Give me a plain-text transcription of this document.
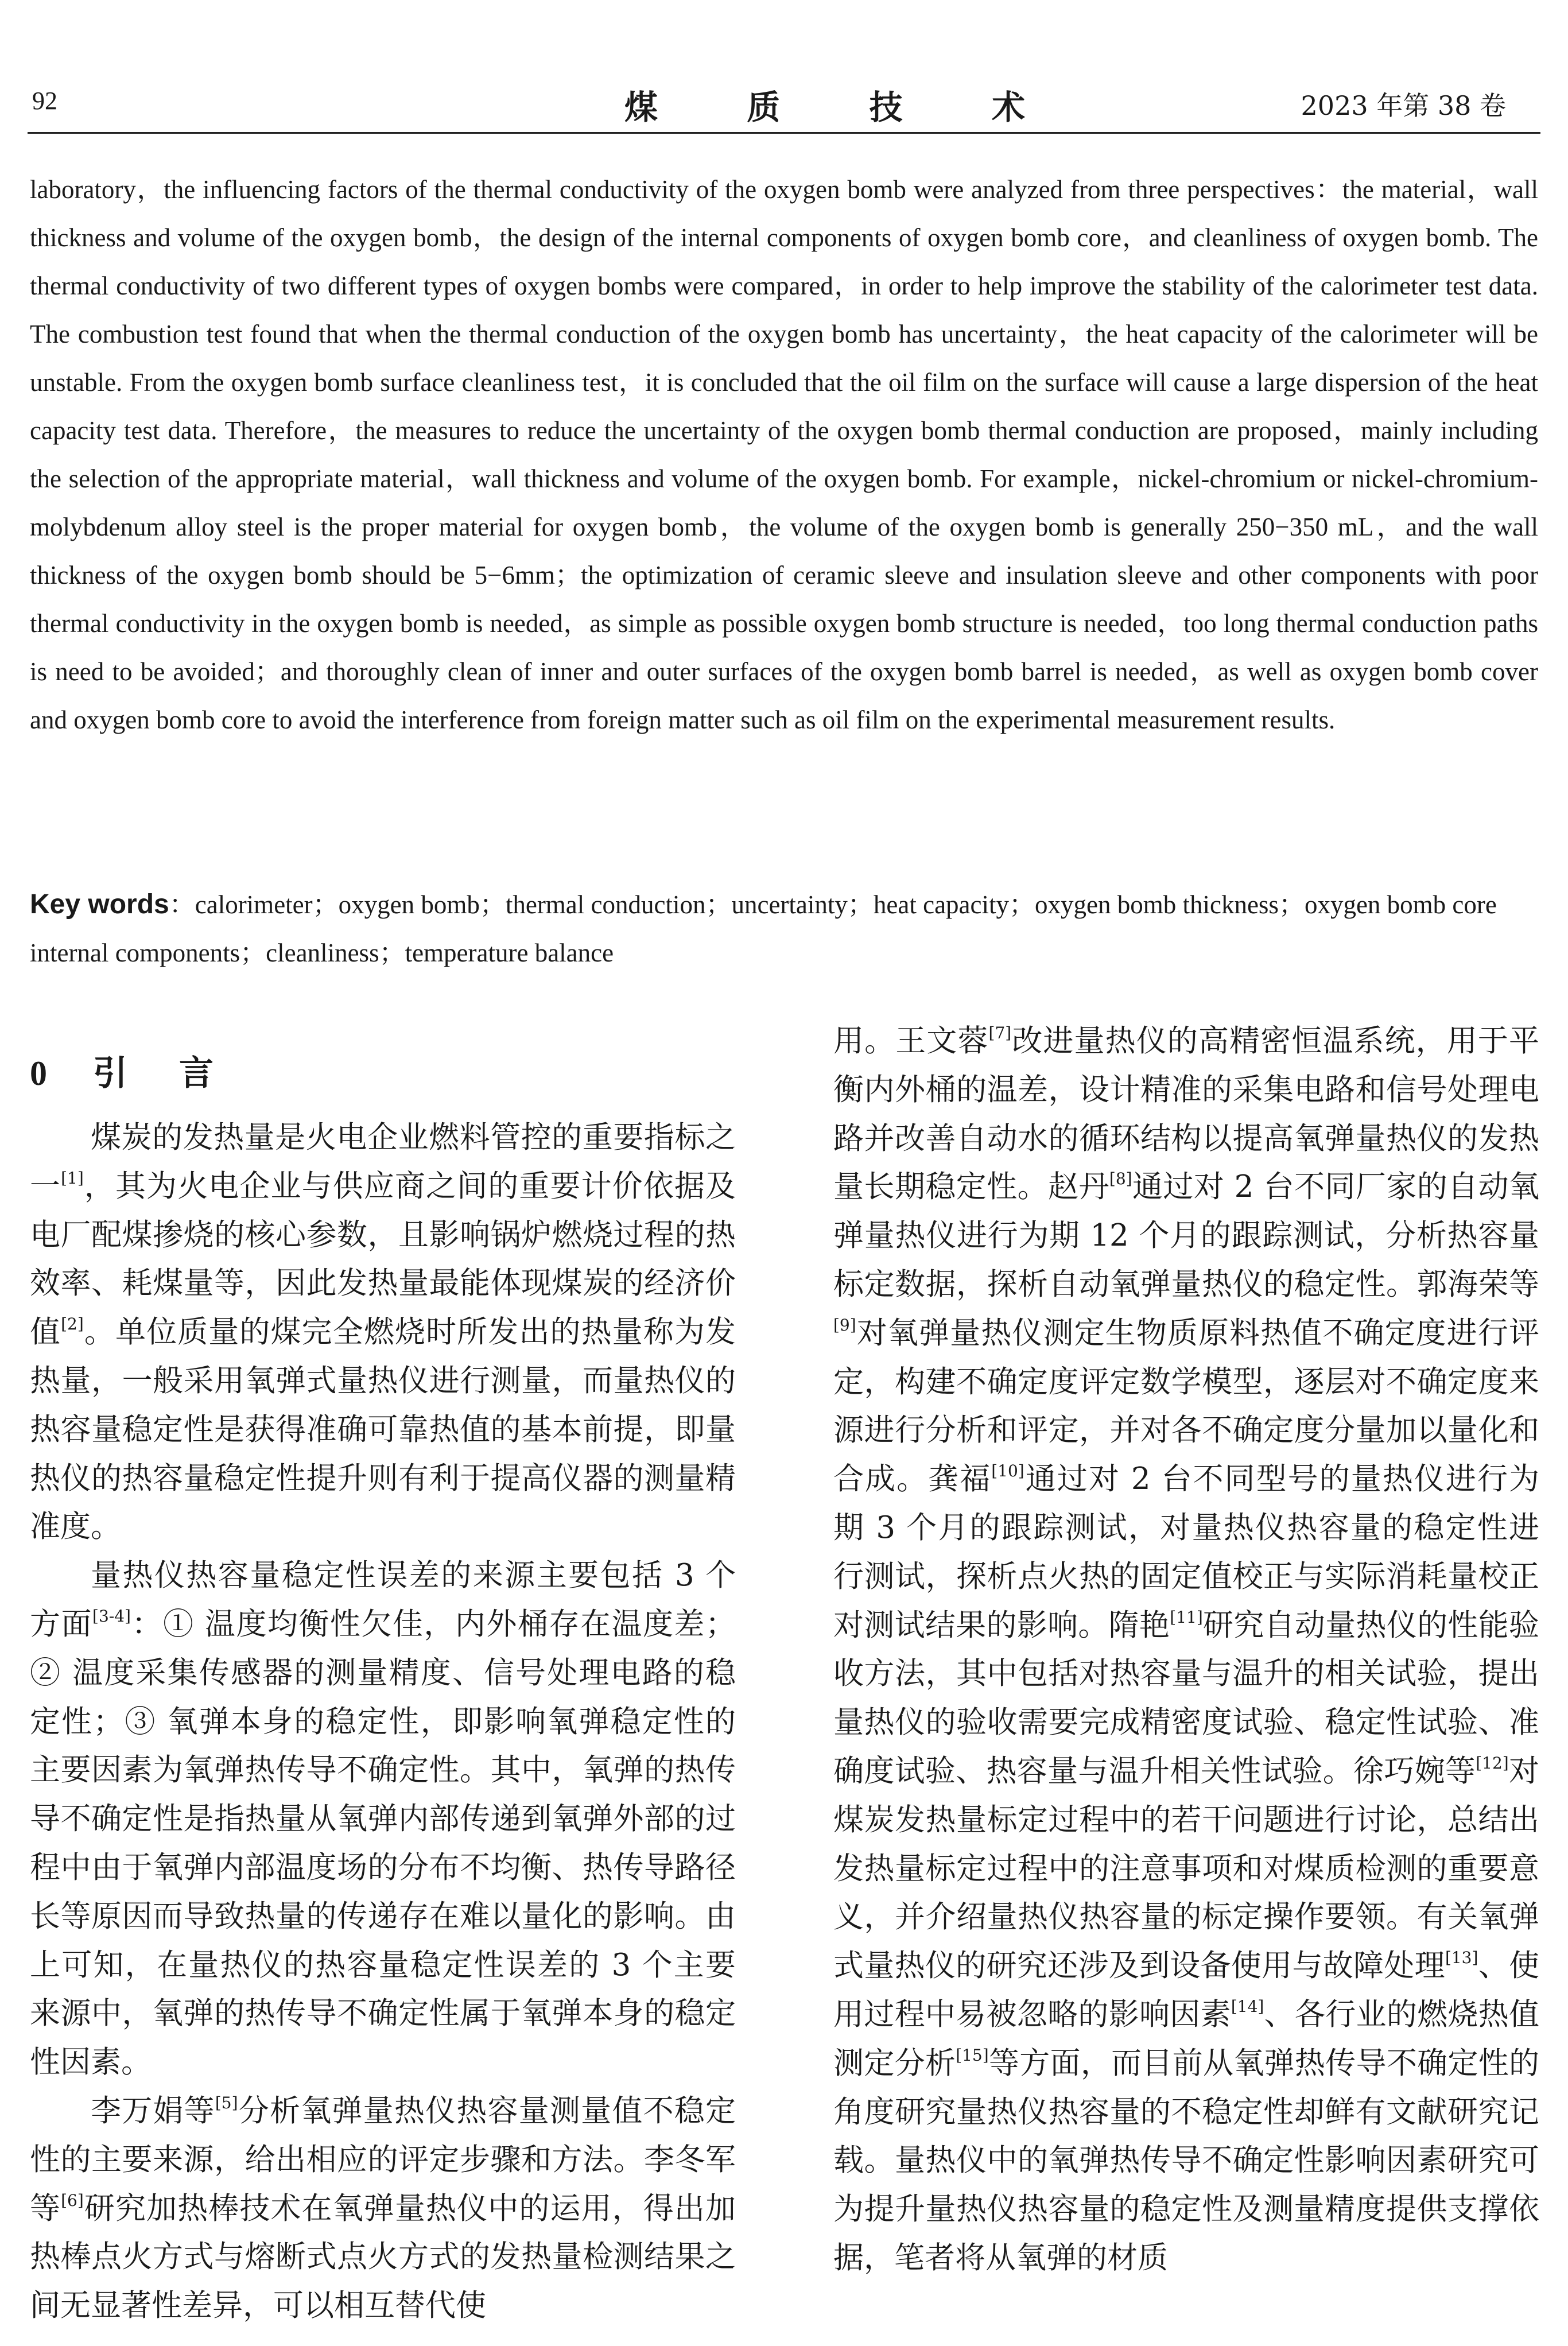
92	煤	质	技	术	2023 年第 38 卷
laboratory，the influencing factors of the thermal conductivity of the oxygen bomb were analyzed from three perspectives：the material，wall thickness and volume of the oxygen bomb，the design of the internal components of oxygen bomb core，and cleanliness of oxygen bomb. The thermal conductivity of two different types of oxygen bombs were compared，in order to help improve the stability of the calorimeter test data. The combustion test found that when the thermal conduction of the oxygen bomb has uncertainty，the heat capacity of the calorimeter will be unstable. From the oxygen bomb surface cleanliness test，it is concluded that the oil film on the surface will cause a large dispersion of the heat capacity test data. Therefore，the measures to reduce the uncertainty of the oxygen bomb thermal conduction are proposed，mainly including the selection of the appropriate material，wall thickness and volume of the oxygen bomb. For example，nickel-chromium or nickel-chromium-molybdenum alloy steel is the proper material for oxygen bomb，the volume of the oxygen bomb is generally 250−350 mL，and the wall thickness of the oxygen bomb should be 5−6mm；the optimization of ceramic sleeve and insulation sleeve and other components with poor thermal conductivity in the oxygen bomb is needed，as simple as possible oxygen bomb structure is needed，too long thermal conduction paths is need to be avoided；and thoroughly clean of inner and outer surfaces of the oxygen bomb barrel is needed，as well as oxygen bomb cover and oxygen bomb core to avoid the interference from foreign matter such as oil film on the experimental measurement results.
Key words：calorimeter；oxygen bomb；thermal conduction；uncertainty；heat capacity；oxygen bomb thickness；oxygen bomb core internal components；cleanliness；temperature balance
0 引言

煤炭的发热量是火电企业燃料管控的重要指标之一[1]，其为火电企业与供应商之间的重要计价依据及电厂配煤掺烧的核心参数，且影响锅炉燃烧过程的热效率、耗煤量等，因此发热量最能体现煤炭的经济价值[2]。单位质量的煤完全燃烧时所发出的热量称为发热量，一般采用氧弹式量热仪进行测量，而量热仪的热容量稳定性是获得准确可靠热值的基本前提，即量热仪的热容量稳定性提升则有利于提高仪器的测量精准度。

量热仪热容量稳定性误差的来源主要包括 3 个方面[3-4]：① 温度均衡性欠佳，内外桶存在温度差；② 温度采集传感器的测量精度、信号处理电路的稳定性；③ 氧弹本身的稳定性，即影响氧弹稳定性的主要因素为氧弹热传导不确定性。其中，氧弹的热传导不确定性是指热量从氧弹内部传递到氧弹外部的过程中由于氧弹内部温度场的分布不均衡、热传导路径长等原因而导致热量的传递存在难以量化的影响。由上可知，在量热仪的热容量稳定性误差的 3 个主要来源中，氧弹的热传导不确定性属于氧弹本身的稳定性因素。

李万娟等[5]分析氧弹量热仪热容量测量值不稳定性的主要来源，给出相应的评定步骤和方法。李冬军等[6]研究加热棒技术在氧弹量热仪中的运用，得出加热棒点火方式与熔断式点火方式的发热量检测结果之间无显著性差异，可以相互替代使

用。王文蓉[7]改进量热仪的高精密恒温系统，用于平衡内外桶的温差，设计精准的采集电路和信号处理电路并改善自动水的循环结构以提高氧弹量热仪的发热量长期稳定性。赵丹[8]通过对 2 台不同厂家的自动氧弹量热仪进行为期 12 个月的跟踪测试，分析热容量标定数据，探析自动氧弹量热仪的稳定性。郭海荣等[9]对氧弹量热仪测定生物质原料热值不确定度进行评定，构建不确定度评定数学模型，逐层对不确定度来源进行分析和评定，并对各不确定度分量加以量化和合成。龚福[10]通过对 2 台不同型号的量热仪进行为期 3 个月的跟踪测试，对量热仪热容量的稳定性进行测试，探析点火热的固定值校正与实际消耗量校正对测试结果的影响。隋艳[11]研究自动量热仪的性能验收方法，其中包括对热容量与温升的相关试验，提出量热仪的验收需要完成精密度试验、稳定性试验、准确度试验、热容量与温升相关性试验。徐巧婉等[12]对煤炭发热量标定过程中的若干问题进行讨论，总结出发热量标定过程中的注意事项和对煤质检测的重要意义，并介绍量热仪热容量的标定操作要领。有关氧弹式量热仪的研究还涉及到设备使用与故障处理[13]、使用过程中易被忽略的影响因素[14]、各行业的燃烧热值测定分析[15]等方面，而目前从氧弹热传导不确定性的角度研究量热仪热容量的不稳定性却鲜有文献研究记载。量热仪中的氧弹热传导不确定性影响因素研究可为提升量热仪热容量的稳定性及测量精度提供支撑依据，笔者将从氧弹的材质
